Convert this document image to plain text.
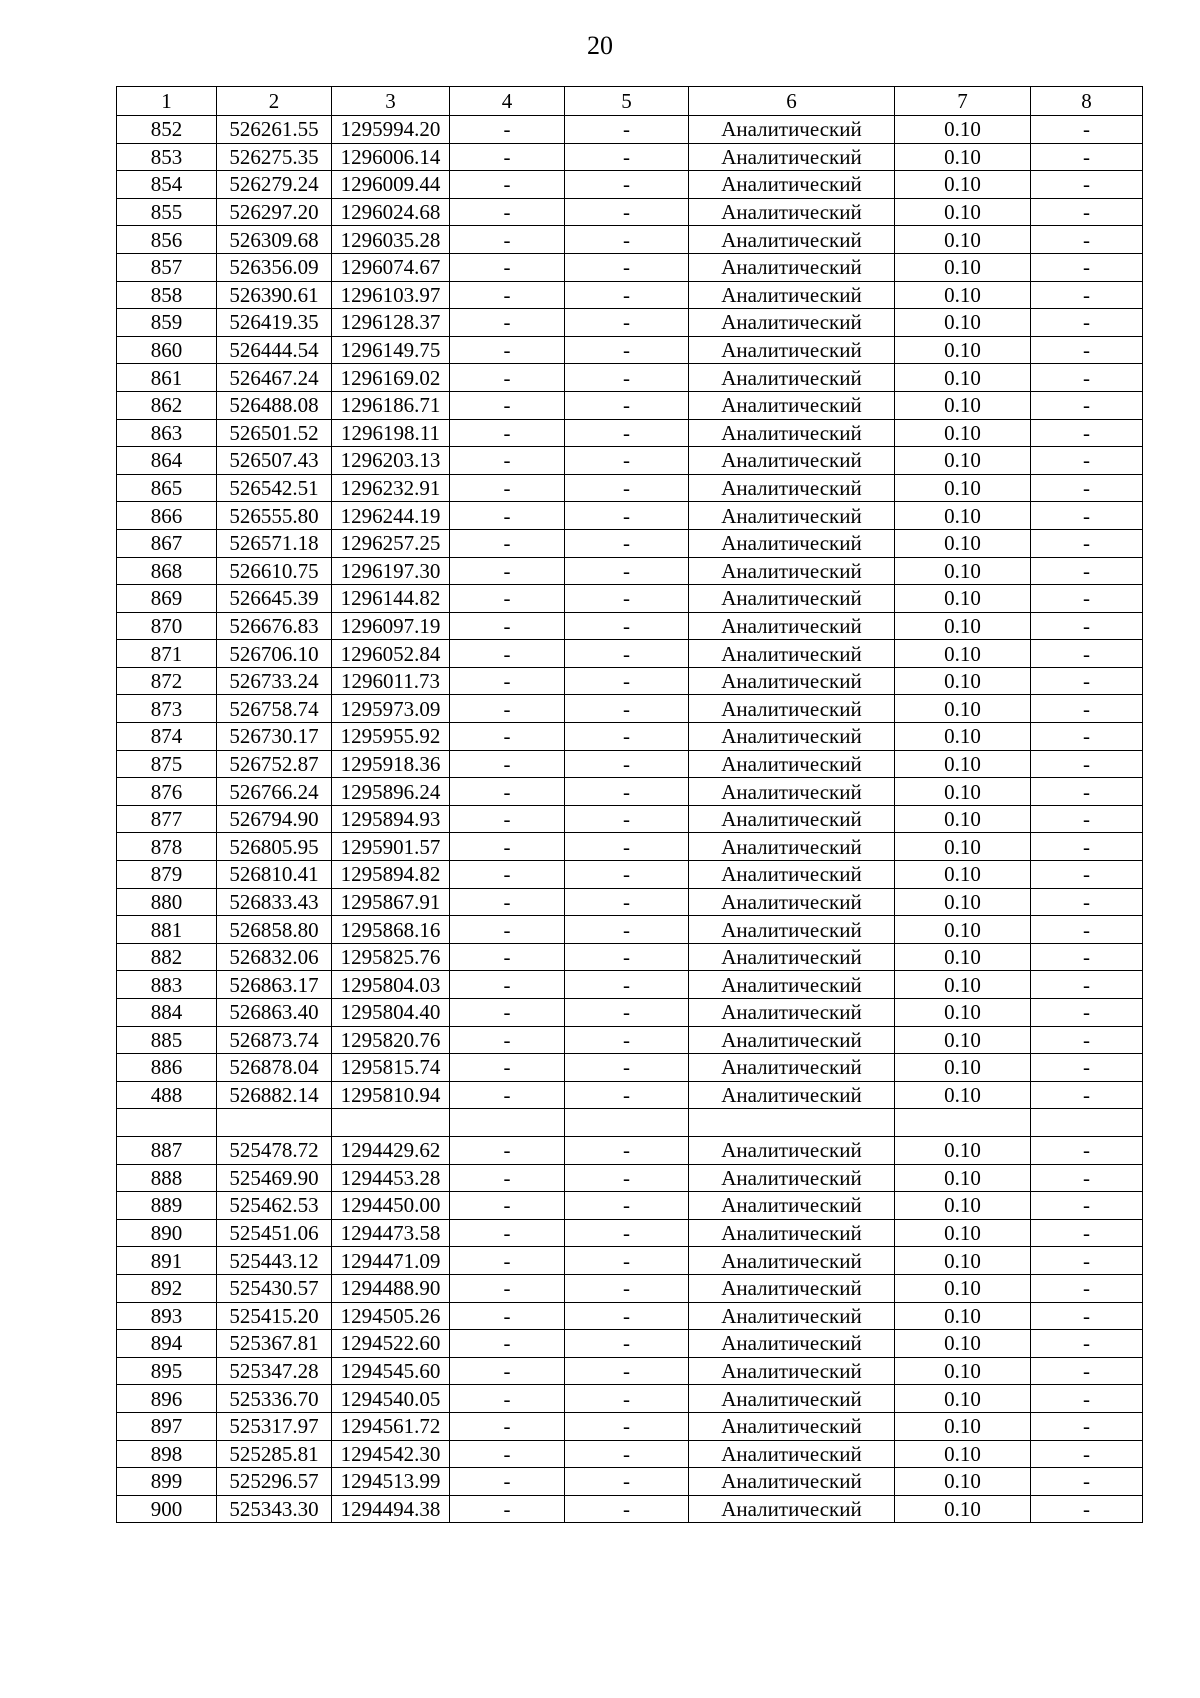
20
1	2	3	4	5	6	7	8
852	526261.55	1295994.20	-	-	Аналитический	0.10	-
853	526275.35	1296006.14	-	-	Аналитический	0.10	-
854	526279.24	1296009.44	-	-	Аналитический	0.10	-
855	526297.20	1296024.68	-	-	Аналитический	0.10	-
856	526309.68	1296035.28	-	-	Аналитический	0.10	-
857	526356.09	1296074.67	-	-	Аналитический	0.10	-
858	526390.61	1296103.97	-	-	Аналитический	0.10	-
859	526419.35	1296128.37	-	-	Аналитический	0.10	-
860	526444.54	1296149.75	-	-	Аналитический	0.10	-
861	526467.24	1296169.02	-	-	Аналитический	0.10	-
862	526488.08	1296186.71	-	-	Аналитический	0.10	-
863	526501.52	1296198.11	-	-	Аналитический	0.10	-
864	526507.43	1296203.13	-	-	Аналитический	0.10	-
865	526542.51	1296232.91	-	-	Аналитический	0.10	-
866	526555.80	1296244.19	-	-	Аналитический	0.10	-
867	526571.18	1296257.25	-	-	Аналитический	0.10	-
868	526610.75	1296197.30	-	-	Аналитический	0.10	-
869	526645.39	1296144.82	-	-	Аналитический	0.10	-
870	526676.83	1296097.19	-	-	Аналитический	0.10	-
871	526706.10	1296052.84	-	-	Аналитический	0.10	-
872	526733.24	1296011.73	-	-	Аналитический	0.10	-
873	526758.74	1295973.09	-	-	Аналитический	0.10	-
874	526730.17	1295955.92	-	-	Аналитический	0.10	-
875	526752.87	1295918.36	-	-	Аналитический	0.10	-
876	526766.24	1295896.24	-	-	Аналитический	0.10	-
877	526794.90	1295894.93	-	-	Аналитический	0.10	-
878	526805.95	1295901.57	-	-	Аналитический	0.10	-
879	526810.41	1295894.82	-	-	Аналитический	0.10	-
880	526833.43	1295867.91	-	-	Аналитический	0.10	-
881	526858.80	1295868.16	-	-	Аналитический	0.10	-
882	526832.06	1295825.76	-	-	Аналитический	0.10	-
883	526863.17	1295804.03	-	-	Аналитический	0.10	-
884	526863.40	1295804.40	-	-	Аналитический	0.10	-
885	526873.74	1295820.76	-	-	Аналитический	0.10	-
886	526878.04	1295815.74	-	-	Аналитический	0.10	-
488	526882.14	1295810.94	-	-	Аналитический	0.10	-

887	525478.72	1294429.62	-	-	Аналитический	0.10	-
888	525469.90	1294453.28	-	-	Аналитический	0.10	-
889	525462.53	1294450.00	-	-	Аналитический	0.10	-
890	525451.06	1294473.58	-	-	Аналитический	0.10	-
891	525443.12	1294471.09	-	-	Аналитический	0.10	-
892	525430.57	1294488.90	-	-	Аналитический	0.10	-
893	525415.20	1294505.26	-	-	Аналитический	0.10	-
894	525367.81	1294522.60	-	-	Аналитический	0.10	-
895	525347.28	1294545.60	-	-	Аналитический	0.10	-
896	525336.70	1294540.05	-	-	Аналитический	0.10	-
897	525317.97	1294561.72	-	-	Аналитический	0.10	-
898	525285.81	1294542.30	-	-	Аналитический	0.10	-
899	525296.57	1294513.99	-	-	Аналитический	0.10	-
900	525343.30	1294494.38	-	-	Аналитический	0.10	-
